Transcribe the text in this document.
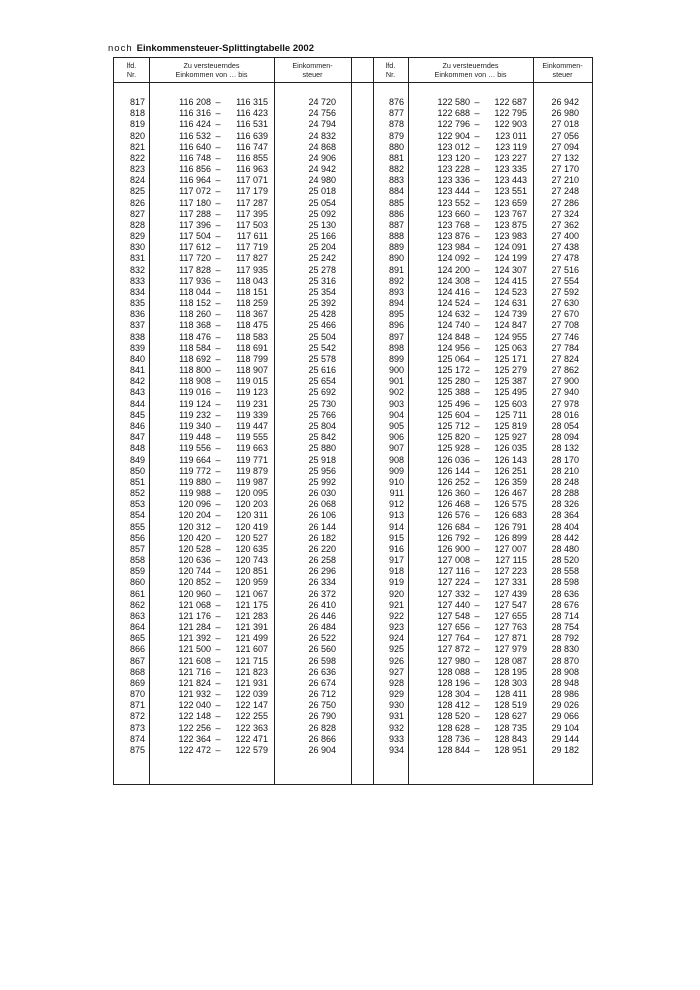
noch Einkommensteuer-Splittingtabelle 2002
lfd.
Nr.
Zu versteuerndes
Einkommen von … bis
Einkommen-
steuer
lfd.
Nr.
Zu versteuerndes
Einkommen von … bis
Einkommen-
steuer
817
818
819
820
821
822
823
824
825
826
827
828
829
830
831
832
833
834
835
836
837
838
839
840
841
842
843
844
845
846
847
848
849
850
851
852
853
854
855
856
857
858
859
860
861
862
863
864
865
866
867
868
869
870
871
872
873
874
875
116 208
116 316
116 424
116 532
116 640
116 748
116 856
116 964
117 072
117 180
117 288
117 396
117 504
117 612
117 720
117 828
117 936
118 044
118 152
118 260
118 368
118 476
118 584
118 692
118 800
118 908
119 016
119 124
119 232
119 340
119 448
119 556
119 664
119 772
119 880
119 988
120 096
120 204
120 312
120 420
120 528
120 636
120 744
120 852
120 960
121 068
121 176
121 284
121 392
121 500
121 608
121 716
121 824
121 932
122 040
122 148
122 256
122 364
122 472
–
–
–
–
–
–
–
–
–
–
–
–
–
–
–
–
–
–
–
–
–
–
–
–
–
–
–
–
–
–
–
–
–
–
–
–
–
–
–
–
–
–
–
–
–
–
–
–
–
–
–
–
–
–
–
–
–
–
–
116 315
116 423
116 531
116 639
116 747
116 855
116 963
117 071
117 179
117 287
117 395
117 503
117 611
117 719
117 827
117 935
118 043
118 151
118 259
118 367
118 475
118 583
118 691
118 799
118 907
119 015
119 123
119 231
119 339
119 447
119 555
119 663
119 771
119 879
119 987
120 095
120 203
120 311
120 419
120 527
120 635
120 743
120 851
120 959
121 067
121 175
121 283
121 391
121 499
121 607
121 715
121 823
121 931
122 039
122 147
122 255
122 363
122 471
122 579
24 720
24 756
24 794
24 832
24 868
24 906
24 942
24 980
25 018
25 054
25 092
25 130
25 166
25 204
25 242
25 278
25 316
25 354
25 392
25 428
25 466
25 504
25 542
25 578
25 616
25 654
25 692
25 730
25 766
25 804
25 842
25 880
25 918
25 956
25 992
26 030
26 068
26 106
26 144
26 182
26 220
26 258
26 296
26 334
26 372
26 410
26 446
26 484
26 522
26 560
26 598
26 636
26 674
26 712
26 750
26 790
26 828
26 866
26 904
876
877
878
879
880
881
882
883
884
885
886
887
888
889
890
891
892
893
894
895
896
897
898
899
900
901
902
903
904
905
906
907
908
909
910
911
912
913
914
915
916
917
918
919
920
921
922
923
924
925
926
927
928
929
930
931
932
933
934
122 580
122 688
122 796
122 904
123 012
123 120
123 228
123 336
123 444
123 552
123 660
123 768
123 876
123 984
124 092
124 200
124 308
124 416
124 524
124 632
124 740
124 848
124 956
125 064
125 172
125 280
125 388
125 496
125 604
125 712
125 820
125 928
126 036
126 144
126 252
126 360
126 468
126 576
126 684
126 792
126 900
127 008
127 116
127 224
127 332
127 440
127 548
127 656
127 764
127 872
127 980
128 088
128 196
128 304
128 412
128 520
128 628
128 736
128 844
–
–
–
–
–
–
–
–
–
–
–
–
–
–
–
–
–
–
–
–
–
–
–
–
–
–
–
–
–
–
–
–
–
–
–
–
–
–
–
–
–
–
–
–
–
–
–
–
–
–
–
–
–
–
–
–
–
–
–
122 687
122 795
122 903
123 011
123 119
123 227
123 335
123 443
123 551
123 659
123 767
123 875
123 983
124 091
124 199
124 307
124 415
124 523
124 631
124 739
124 847
124 955
125 063
125 171
125 279
125 387
125 495
125 603
125 711
125 819
125 927
126 035
126 143
126 251
126 359
126 467
126 575
126 683
126 791
126 899
127 007
127 115
127 223
127 331
127 439
127 547
127 655
127 763
127 871
127 979
128 087
128 195
128 303
128 411
128 519
128 627
128 735
128 843
128 951
26 942
26 980
27 018
27 056
27 094
27 132
27 170
27 210
27 248
27 286
27 324
27 362
27 400
27 438
27 478
27 516
27 554
27 592
27 630
27 670
27 708
27 746
27 784
27 824
27 862
27 900
27 940
27 978
28 016
28 054
28 094
28 132
28 170
28 210
28 248
28 288
28 326
28 364
28 404
28 442
28 480
28 520
28 558
28 598
28 636
28 676
28 714
28 754
28 792
28 830
28 870
28 908
28 948
28 986
29 026
29 066
29 104
29 144
29 182
